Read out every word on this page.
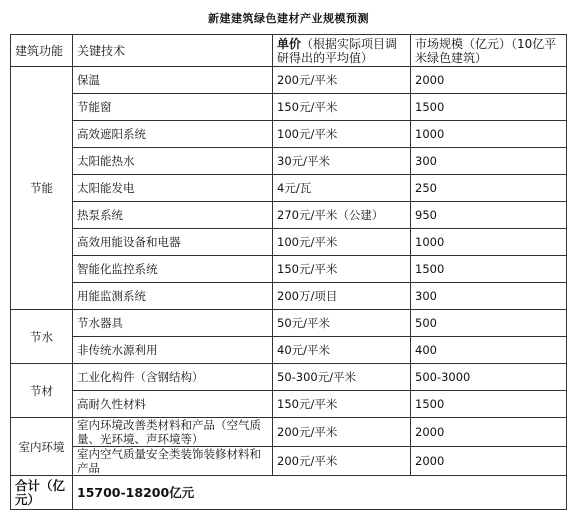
新建建筑绿色建材产业规模预测
建筑功能	关键技术	单价（根据实际项目调研得出的平均值）	市场规模（亿元）（10亿平米绿色建筑）
节能	保温	200元/平米	2000
	节能窗	150元/平米	1500
	高效遮阳系统	100元/平米	1000
	太阳能热水	30元/平米	300
	太阳能发电	4元/瓦	250
	热泵系统	270元/平米（公建）	950
	高效用能设备和电器	100元/平米	1000
	智能化监控系统	150元/平米	1500
	用能监测系统	200万/项目	300
节水	节水器具	50元/平米	500
	非传统水源利用	40元/平米	400
节材	工业化构件（含钢结构）	50-300元/平米	500-3000
	高耐久性材料	150元/平米	1500
室内环境	室内环境改善类材料和产品（空气质量、光环境、声环境等）	200元/平米	2000
	室内空气质量安全类装饰装修材料和产品	200元/平米	2000
合计（亿元）	15700-18200亿元		
